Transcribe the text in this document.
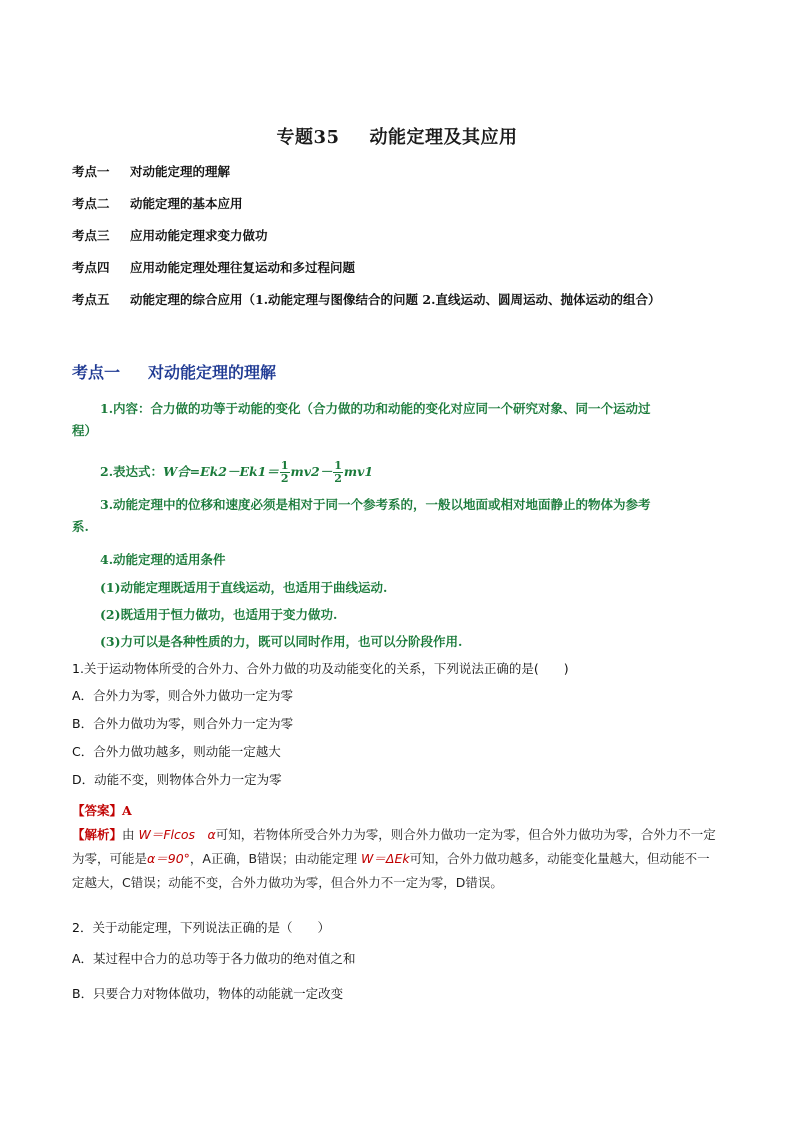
专题35 动能定理及其应用
考点一 对动能定理的理解
考点二 动能定理的基本应用
考点三 应用动能定理求变力做功
考点四 应用动能定理处理往复运动和多过程问题
考点五 动能定理的综合应用（1.动能定理与图像结合的问题 2.直线运动、圆周运动、抛体运动的组合）
考点一 对动能定理的理解
1.内容：合力做的功等于动能的变化（合力做的功和动能的变化对应同一个研究对象、同一个运动过
程）
2.表达式：W合$=Ek2-Ek1= \frac{1}{2} mv2- \frac{1}{2} mv1$
3.动能定理中的位移和速度必须是相对于同一个参考系的，一般以地面或相对地面静止的物体为参考
系.
4.动能定理的适用条件
(1)动能定理既适用于直线运动，也适用于曲线运动.
(2)既适用于恒力做功，也适用于变力做功.
(3)力可以是各种性质的力，既可以同时作用，也可以分阶段作用.
1.关于运动物体所受的合外力、合外力做的功及动能变化的关系，下列说法正确的是(　　)
A．合外力为零，则合外力做功一定为零
B．合外力做功为零，则合外力一定为零
C．合外力做功越多，则动能一定越大
D．动能不变，则物体合外力一定为零
【答案】A
【解析】由 W＝Flcos　α可知，若物体所受合外力为零，则合外力做功一定为零，但合外力做功为零，合外力不一定为零，可能是α＝90°，A正确，B错误；由动能定理 W＝ΔEk可知，合外力做功越多，动能变化量越大，但动能不一定越大，C错误；动能不变，合外力做功为零，但合外力不一定为零，D错误。
2．关于动能定理，下列说法正确的是（　　）
A．某过程中合力的总功等于各力做功的绝对值之和
B．只要合力对物体做功，物体的动能就一定改变
